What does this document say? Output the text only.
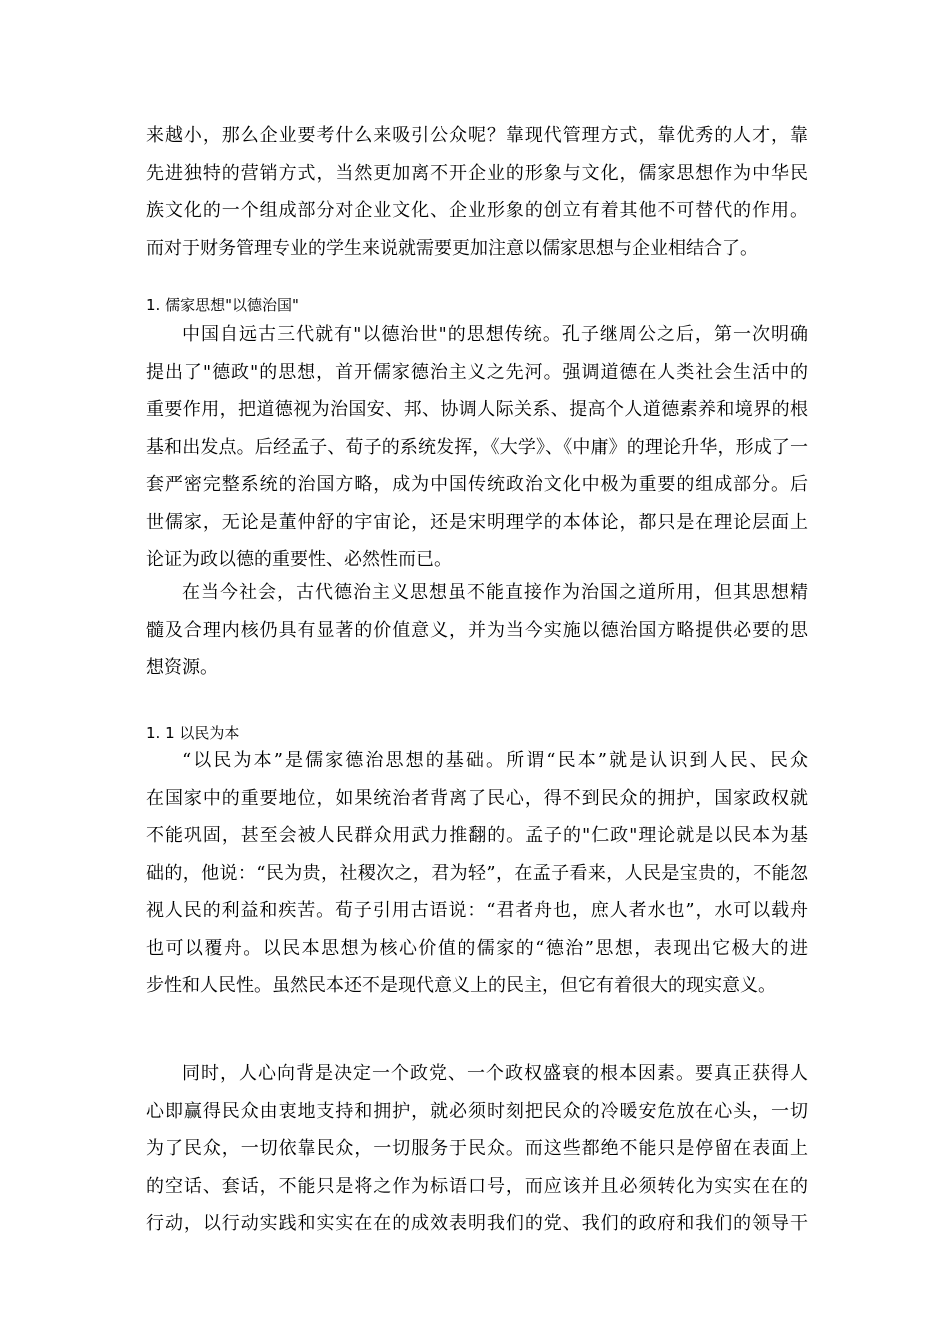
来越小，那么企业要考什么来吸引公众呢？靠现代管理方式，靠优秀的人才，靠
先进独特的营销方式，当然更加离不开企业的形象与文化，儒家思想作为中华民
族文化的一个组成部分对企业文化、企业形象的创立有着其他不可替代的作用。
而对于财务管理专业的学生来说就需要更加注意以儒家思想与企业相结合了。
1. 儒家思想"以德治国"
中国自远古三代就有"以德治世"的思想传统。孔子继周公之后，第一次明确
提出了"德政"的思想，首开儒家德治主义之先河。强调道德在人类社会生活中的
重要作用，把道德视为治国安、邦、协调人际关系、提高个人道德素养和境界的根
基和出发点。后经孟子、荀子的系统发挥，《大学》、《中庸》的理论升华，形成了一
套严密完整系统的治国方略，成为中国传统政治文化中极为重要的组成部分。后
世儒家，无论是董仲舒的宇宙论，还是宋明理学的本体论，都只是在理论层面上
论证为政以德的重要性、必然性而已。
在当今社会，古代德治主义思想虽不能直接作为治国之道所用，但其思想精
髓及合理内核仍具有显著的价值意义，并为当今实施以德治国方略提供必要的思
想资源。
1. 1 以民为本
“以民为本”是儒家德治思想的基础。所谓“民本”就是认识到人民、民众
在国家中的重要地位，如果统治者背离了民心，得不到民众的拥护，国家政权就
不能巩固，甚至会被人民群众用武力推翻的。孟子的"仁政"理论就是以民本为基
础的，他说：“民为贵，社稷次之，君为轻”，在孟子看来，人民是宝贵的，不能忽
视人民的利益和疾苦。荀子引用古语说：“君者舟也，庶人者水也”，水可以载舟
也可以覆舟。以民本思想为核心价值的儒家的“德治”思想，表现出它极大的进
步性和人民性。虽然民本还不是现代意义上的民主，但它有着很大的现实意义。
同时，人心向背是决定一个政党、一个政权盛衰的根本因素。要真正获得人
心即赢得民众由衷地支持和拥护，就必须时刻把民众的冷暖安危放在心头，一切
为了民众，一切依靠民众，一切服务于民众。而这些都绝不能只是停留在表面上
的空话、套话，不能只是将之作为标语口号，而应该并且必须转化为实实在在的
行动，以行动实践和实实在在的成效表明我们的党、我们的政府和我们的领导干
